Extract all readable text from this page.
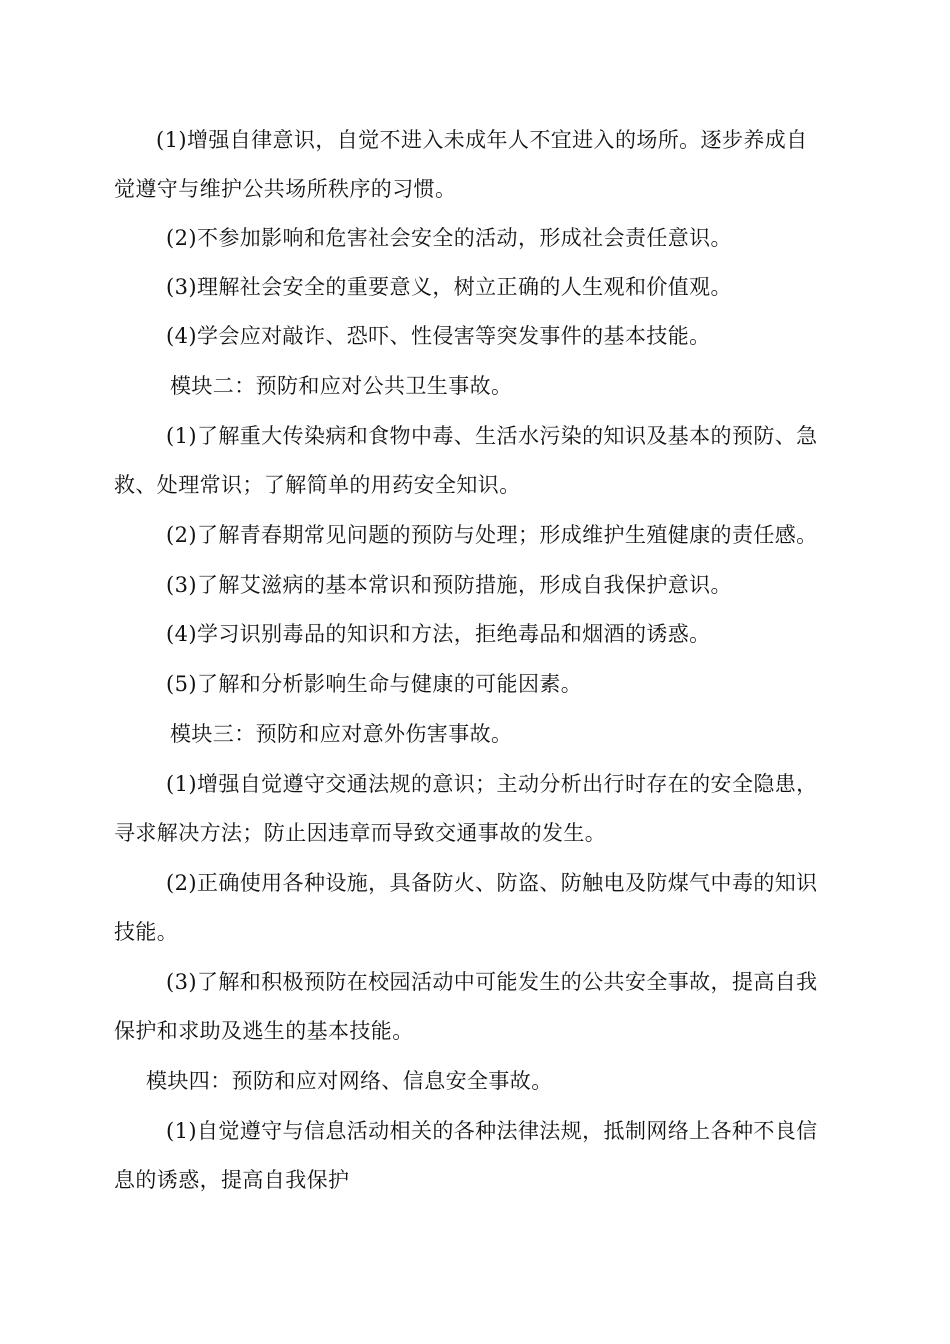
(1)增强自律意识，自觉不进入未成年人不宜进入的场所。逐步养成自
觉遵守与维护公共场所秩序的习惯。
(2)不参加影响和危害社会安全的活动，形成社会责任意识。
(3)理解社会安全的重要意义，树立正确的人生观和价值观。
(4)学会应对敲诈、恐吓、性侵害等突发事件的基本技能。
模块二：预防和应对公共卫生事故。
(1)了解重大传染病和食物中毒、生活水污染的知识及基本的预防、急
救、处理常识；了解简单的用药安全知识。
(2)了解青春期常见问题的预防与处理；形成维护生殖健康的责任感。
(3)了解艾滋病的基本常识和预防措施，形成自我保护意识。
(4)学习识别毒品的知识和方法，拒绝毒品和烟酒的诱惑。
(5)了解和分析影响生命与健康的可能因素。
模块三：预防和应对意外伤害事故。
(1)增强自觉遵守交通法规的意识；主动分析出行时存在的安全隐患，
寻求解决方法；防止因违章而导致交通事故的发生。
(2)正确使用各种设施，具备防火、防盗、防触电及防煤气中毒的知识
技能。
(3)了解和积极预防在校园活动中可能发生的公共安全事故，提高自我
保护和求助及逃生的基本技能。
模块四：预防和应对网络、信息安全事故。
(1)自觉遵守与信息活动相关的各种法律法规，抵制网络上各种不良信
息的诱惑，提高自我保护
